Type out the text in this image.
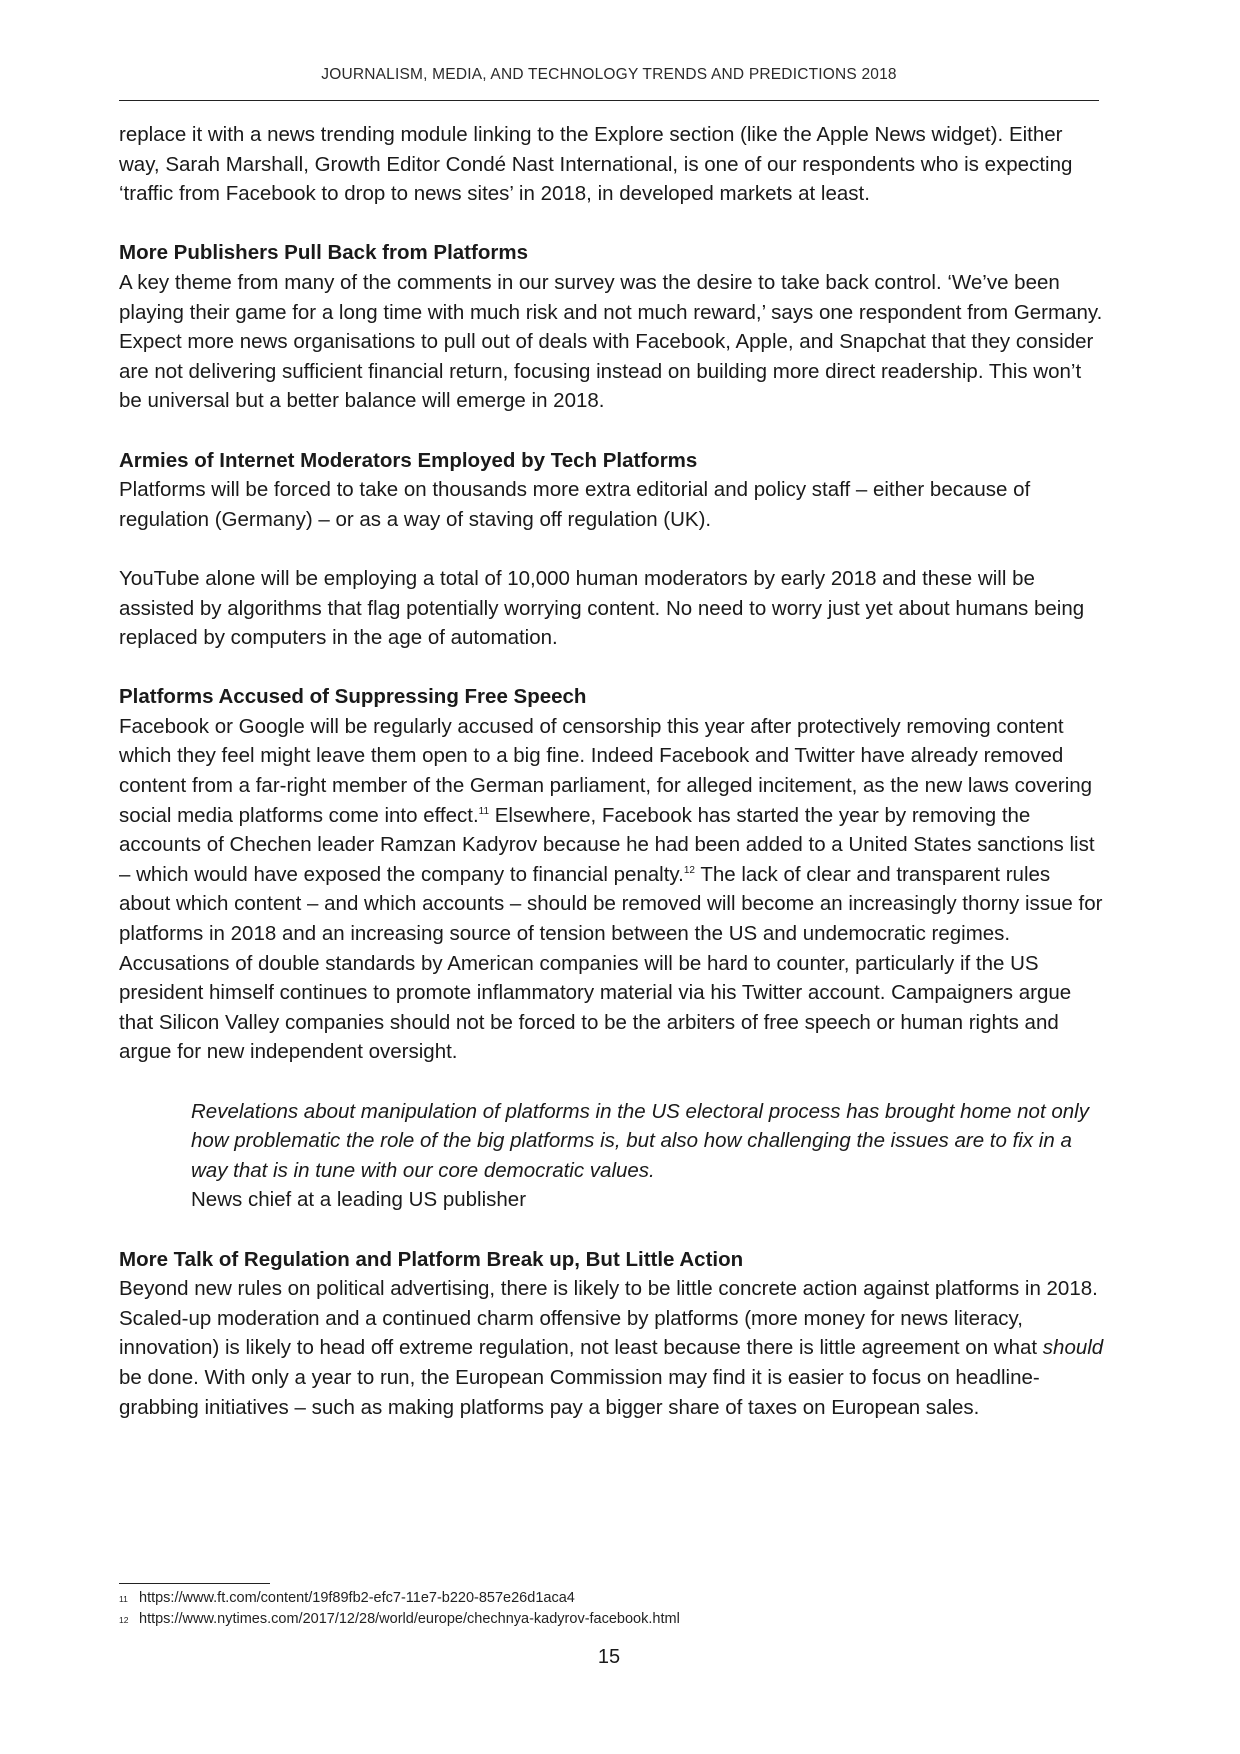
JOURNALISM, MEDIA, AND TECHNOLOGY TRENDS AND PREDICTIONS 2018

replace it with a news trending module linking to the Explore section (like the Apple News widget). Either way, Sarah Marshall, Growth Editor Condé Nast International, is one of our respondents who is expecting ‘traffic from Facebook to drop to news sites’ in 2018, in developed markets at least.

More Publishers Pull Back from Platforms

A key theme from many of the comments in our survey was the desire to take back control. ‘We’ve been playing their game for a long time with much risk and not much reward,’ says one respondent from Germany. Expect more news organisations to pull out of deals with Facebook, Apple, and Snapchat that they consider are not delivering sufficient financial return, focusing instead on building more direct readership. This won’t be universal but a better balance will emerge in 2018.

Armies of Internet Moderators Employed by Tech Platforms

Platforms will be forced to take on thousands more extra editorial and policy staff – either because of regulation (Germany) – or as a way of staving off regulation (UK).

YouTube alone will be employing a total of 10,000 human moderators by early 2018 and these will be assisted by algorithms that flag potentially worrying content. No need to worry just yet about humans being replaced by computers in the age of automation.

Platforms Accused of Suppressing Free Speech

Facebook or Google will be regularly accused of censorship this year after protectively removing content which they feel might leave them open to a big fine. Indeed Facebook and Twitter have already removed content from a far-right member of the German parliament, for alleged incitement, as the new laws covering social media platforms come into effect.$^{11}$ Elsewhere, Facebook has started the year by removing the accounts of Chechen leader Ramzan Kadyrov because he had been added to a United States sanctions list – which would have exposed the company to financial penalty.$^{12}$ The lack of clear and transparent rules about which content – and which accounts – should be removed will become an increasingly thorny issue for platforms in 2018 and an increasing source of tension between the US and undemocratic regimes. Accusations of double standards by American companies will be hard to counter, particularly if the US president himself continues to promote inflammatory material via his Twitter account. Campaigners argue that Silicon Valley companies should not be forced to be the arbiters of free speech or human rights and argue for new independent oversight.

Revelations about manipulation of platforms in the US electoral process has brought home not only how problematic the role of the big platforms is, but also how challenging the issues are to fix in a way that is in tune with our core democratic values.

News chief at a leading US publisher

More Talk of Regulation and Platform Break up, But Little Action

Beyond new rules on political advertising, there is likely to be little concrete action against platforms in 2018. Scaled-up moderation and a continued charm offensive by platforms (more money for news literacy, innovation) is likely to head off extreme regulation, not least because there is little agreement on what should be done. With only a year to run, the European Commission may find it is easier to focus on headline-grabbing initiatives – such as making platforms pay a bigger share of taxes on European sales.

11 https://www.ft.com/content/19f89fb2-efc7-11e7-b220-857e26d1aca4
12 https://www.nytimes.com/2017/12/28/world/europe/chechnya-kadyrov-facebook.html
15
